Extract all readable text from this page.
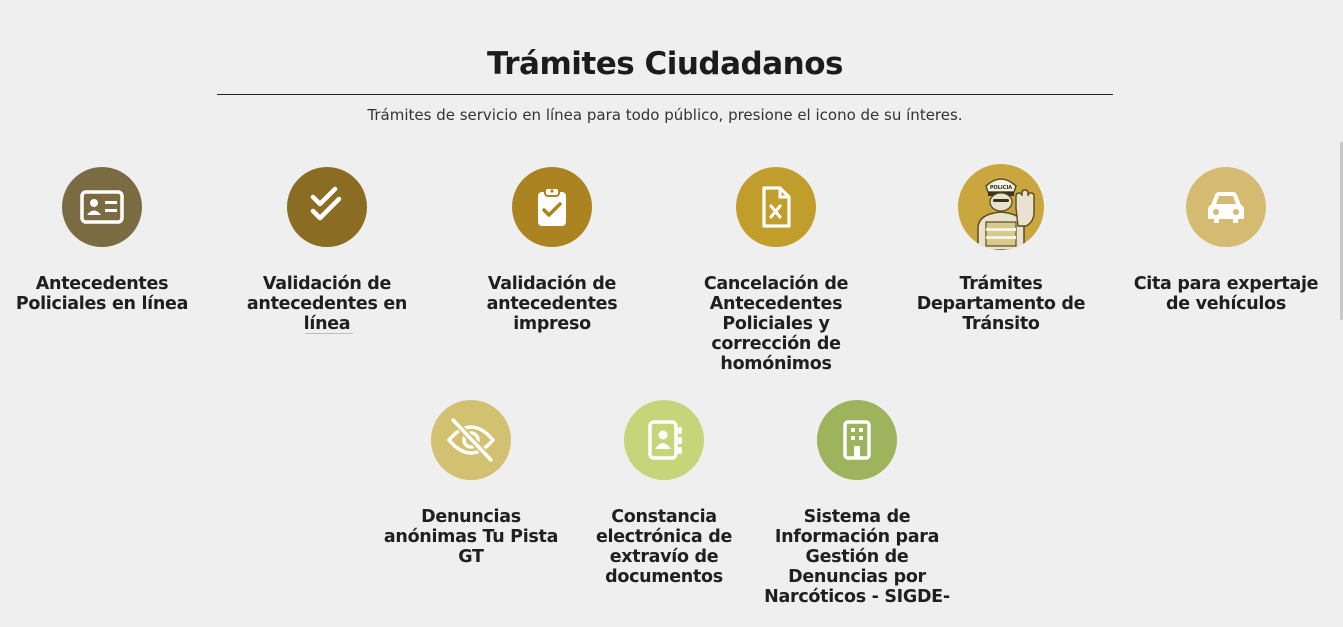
Trámites Ciudadanos
Trámites de servicio en línea para todo público, presione el icono de su ínteres.
Antecedentes Policiales en línea
Validación de antecedentes en línea
Validación de antecedentes impreso
Cancelación de Antecedentes Policiales y corrección de homónimos
POLICIA
Trámites Departamento de Tránsito
Cita para expertaje de vehículos
Denuncias anónimas Tu Pista GT
Constancia electrónica de extravío de documentos
Sistema de Información para Gestión de Denuncias por Narcóticos - SIGDE-
